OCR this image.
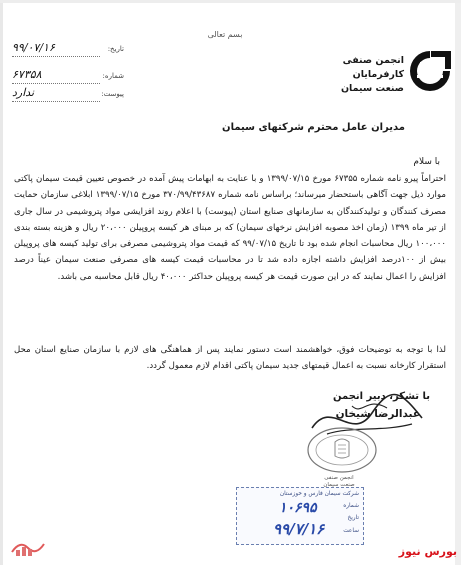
بسم تعالی
انجمن صنفی
کارفرمایان
صنعت سیمان
تاریخ:
۹۹/۰۷/۱۶
شماره:
۶۷۳۵۸
پیوست:
ندارد
مدیران عامل محترم شرکتهای سیمان
با سلام
احتراماً پیرو نامه شماره ۶۷۳۵۵ مورخ ۱۳۹۹/۰۷/۱۵ و با عنایت به ابهامات پیش آمده در خصوص تعیین قیمت سیمان پاکتی موارد ذیل جهت آگاهی باستحضار میرساند؛ براساس نامه شماره ۳۷۰/۹۹/۴۳۶۸۷ مورخ ۱۳۹۹/۰۷/۱۵ ابلاغی سازمان حمایت مصرف کنندگان و تولیدکنندگان به سازمانهای صنایع استان (پیوست) با اعلام روند افزایشی مواد پتروشیمی در سال جاری از تیر ماه ۱۳۹۹ (زمان اخذ مصوبه افزایش نرخهای سیمان) که بر مبنای هر کیسه پروپیلن ۲۰،۰۰۰ ریال و هزینه بسته بندی ۱۰۰،۰۰۰ ریال محاسبات انجام شده بود تا تاریخ ۹۹/۰۷/۱۵ که قیمت مواد پتروشیمی مصرفی برای تولید کیسه های پروپیلن بیش از ۱۰۰درصد افزایش داشته اجازه داده شد تا در محاسبات قیمت کیسه های مصرفی صنعت سیمان عیناً درصد افزایش را اعمال نمایند که در این صورت قیمت هر کیسه پروپیلن حداکثر ۴۰،۰۰۰ ریال قابل محاسبه می باشد.
لذا با توجه به توضیحات فوق، خواهشمند است دستور نمایند پس از هماهنگی های لازم با سازمان صنایع استان محل استقرار کارخانه نسبت به اعمال قیمتهای جدید سیمان پاکتی اقدام لازم معمول گردد.
با تشکر، دبیر انجمن
عبدالرضا شیخان
انجمن صنفی
صنعت سیمان
شرکت سیمان فارس و خوزستان
شماره
تاریخ
ساعت
۱۰۶۹۵
۹۹/۷/۱۶
بورس نیوز
